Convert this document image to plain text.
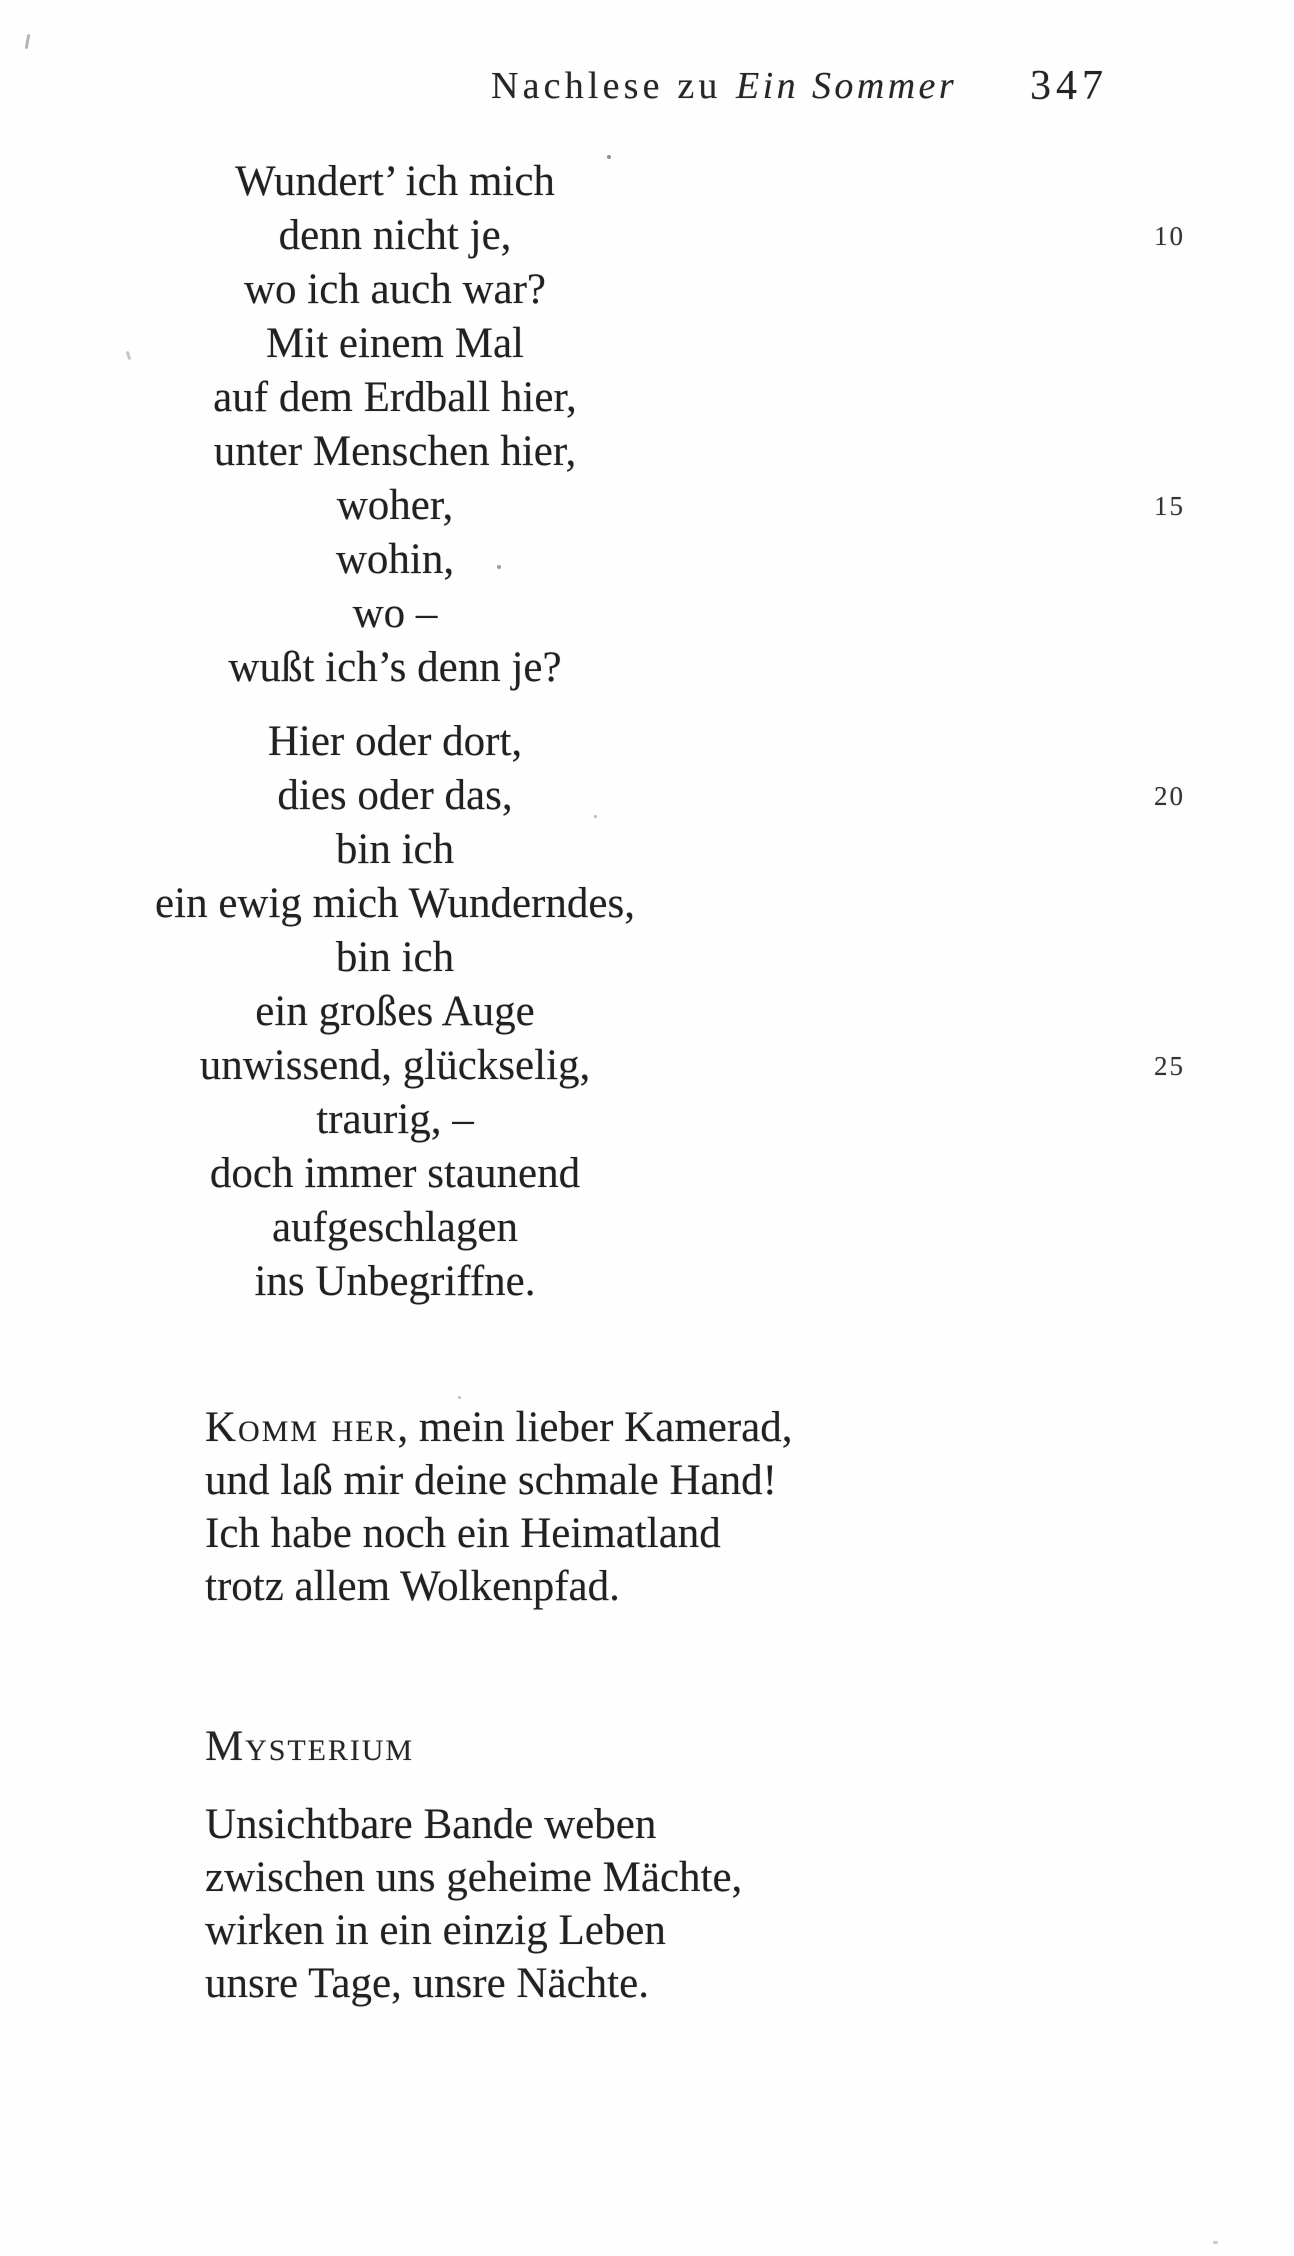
Nachlese zu Ein Sommer 347
10
15
20
25
Wundert’ ich mich
denn nicht je,
wo ich auch war?
Mit einem Mal
auf dem Erdball hier,
unter Menschen hier,
woher,
wohin,
wo –
wußt ich’s denn je?
Hier oder dort,
dies oder das,
bin ich
ein ewig mich Wunderndes,
bin ich
ein großes Auge
unwissend, glückselig,
traurig, –
doch immer staunend
aufgeschlagen
ins Unbegriffne.
Komm her, mein lieber Kamerad,
und laß mir deine schmale Hand!
Ich habe noch ein Heimatland
trotz allem Wolkenpfad.
Mysterium
Unsichtbare Bande weben
zwischen uns geheime Mächte,
wirken in ein einzig Leben
unsre Tage, unsre Nächte.
